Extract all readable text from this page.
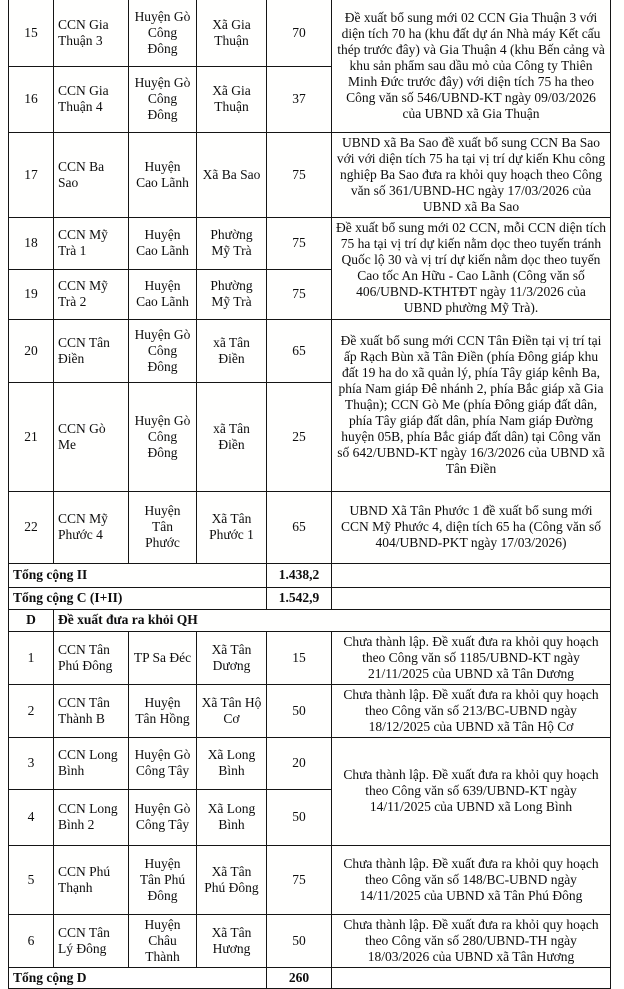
15	CCN Gia Thuận 3	Huyện Gò Công Đông	Xã Gia Thuận	70	Đề xuất bổ sung mới 02 CCN Gia Thuận 3 với diện tích 70 ha (khu đất dự án Nhà máy Kết cấu thép trước đây) và Gia Thuận 4 (khu Bến cảng và khu sản phẩm sau dầu mỏ của Công ty Thiên Minh Đức trước đây) với diện tích 75 ha theo Công văn số 546/UBND-KT ngày 09/03/2026 của UBND xã Gia Thuận
16	CCN Gia Thuận 4	Huyện Gò Công Đông	Xã Gia Thuận	37	
17	CCN Ba Sao	Huyện Cao Lãnh	Xã Ba Sao	75	UBND xã Ba Sao đề xuất bổ sung CCN Ba Sao với với diện tích 75 ha tại vị trí dự kiến Khu công nghiệp Ba Sao đưa ra khỏi quy hoạch theo Công văn số 361/UBND-HC ngày 17/03/2026 của UBND xã Ba Sao
18	CCN Mỹ Trà 1	Huyện Cao Lãnh	Phường Mỹ Trà	75	Đề xuất bổ sung mới 02 CCN, mỗi CCN diện tích 75 ha tại vị trí dự kiến nằm dọc theo tuyến tránh Quốc lộ 30 và vị trí dự kiến nằm dọc theo tuyến Cao tốc An Hữu - Cao Lãnh (Công văn số 406/UBND-KTHTĐT ngày 11/3/2026 của UBND phường Mỹ Trà).
19	CCN Mỹ Trà 2	Huyện Cao Lãnh	Phường Mỹ Trà	75	
20	CCN Tân Điền	Huyện Gò Công Đông	xã Tân Điền	65	Đề xuất bổ sung mới CCN Tân Điền tại vị trí tại ấp Rạch Bùn xã Tân Điền (phía Đông giáp khu đất 19 ha do xã quản lý, phía Tây giáp kênh Ba, phía Nam giáp Đê nhánh 2, phía Bắc giáp xã Gia Thuận); CCN Gò Me (phía Đông giáp đất dân, phía Tây giáp đất dân, phía Nam giáp Đường huyện 05B, phía Bắc giáp đất dân) tại Công văn số 642/UBND-KT ngày 16/3/2026 của UBND xã Tân Điền
21	CCN Gò Me	Huyện Gò Công Đông	xã Tân Điền	25	
22	CCN Mỹ Phước 4	Huyện Tân Phước	Xã Tân Phước 1	65	UBND Xã Tân Phước 1 đề xuất bổ sung mới CCN Mỹ Phước 4, diện tích 65 ha (Công văn số 404/UBND-PKT ngày 17/03/2026)
Tổng cộng II				1.438,2	
Tổng cộng C (I+II)				1.542,9	
D	Đề xuất đưa ra khỏi QH				
1	CCN Tân Phú Đông	TP Sa Đéc	Xã Tân Dương	15	Chưa thành lập. Đề xuất đưa ra khỏi quy hoạch theo Công văn số 1185/UBND-KT ngày 21/11/2025 của UBND xã Tân Dương
2	CCN Tân Thành B	Huyện Tân Hồng	Xã Tân Hộ Cơ	50	Chưa thành lập. Đề xuất đưa ra khỏi quy hoạch theo Công văn số 213/BC-UBND ngày 18/12/2025 của UBND xã Tân Hộ Cơ
3	CCN Long Bình	Huyện Gò Công Tây	Xã Long Bình	20	Chưa thành lập. Đề xuất đưa ra khỏi quy hoạch theo Công văn số 639/UBND-KT ngày 14/11/2025 của UBND xã Long Bình
4	CCN Long Bình 2	Huyện Gò Công Tây	Xã Long Bình	50	
5	CCN Phú Thạnh	Huyện Tân Phú Đông	Xã Tân Phú Đông	75	Chưa thành lập. Đề xuất đưa ra khỏi quy hoạch theo Công văn số 148/BC-UBND ngày 14/11/2025 của UBND xã Tân Phú Đông
6	CCN Tân Lý Đông	Huyện Châu Thành	Xã Tân Hương	50	Chưa thành lập. Đề xuất đưa ra khỏi quy hoạch theo Công văn số 280/UBND-TH ngày 18/03/2026 của UBND xã Tân Hương
Tổng cộng D				260	
